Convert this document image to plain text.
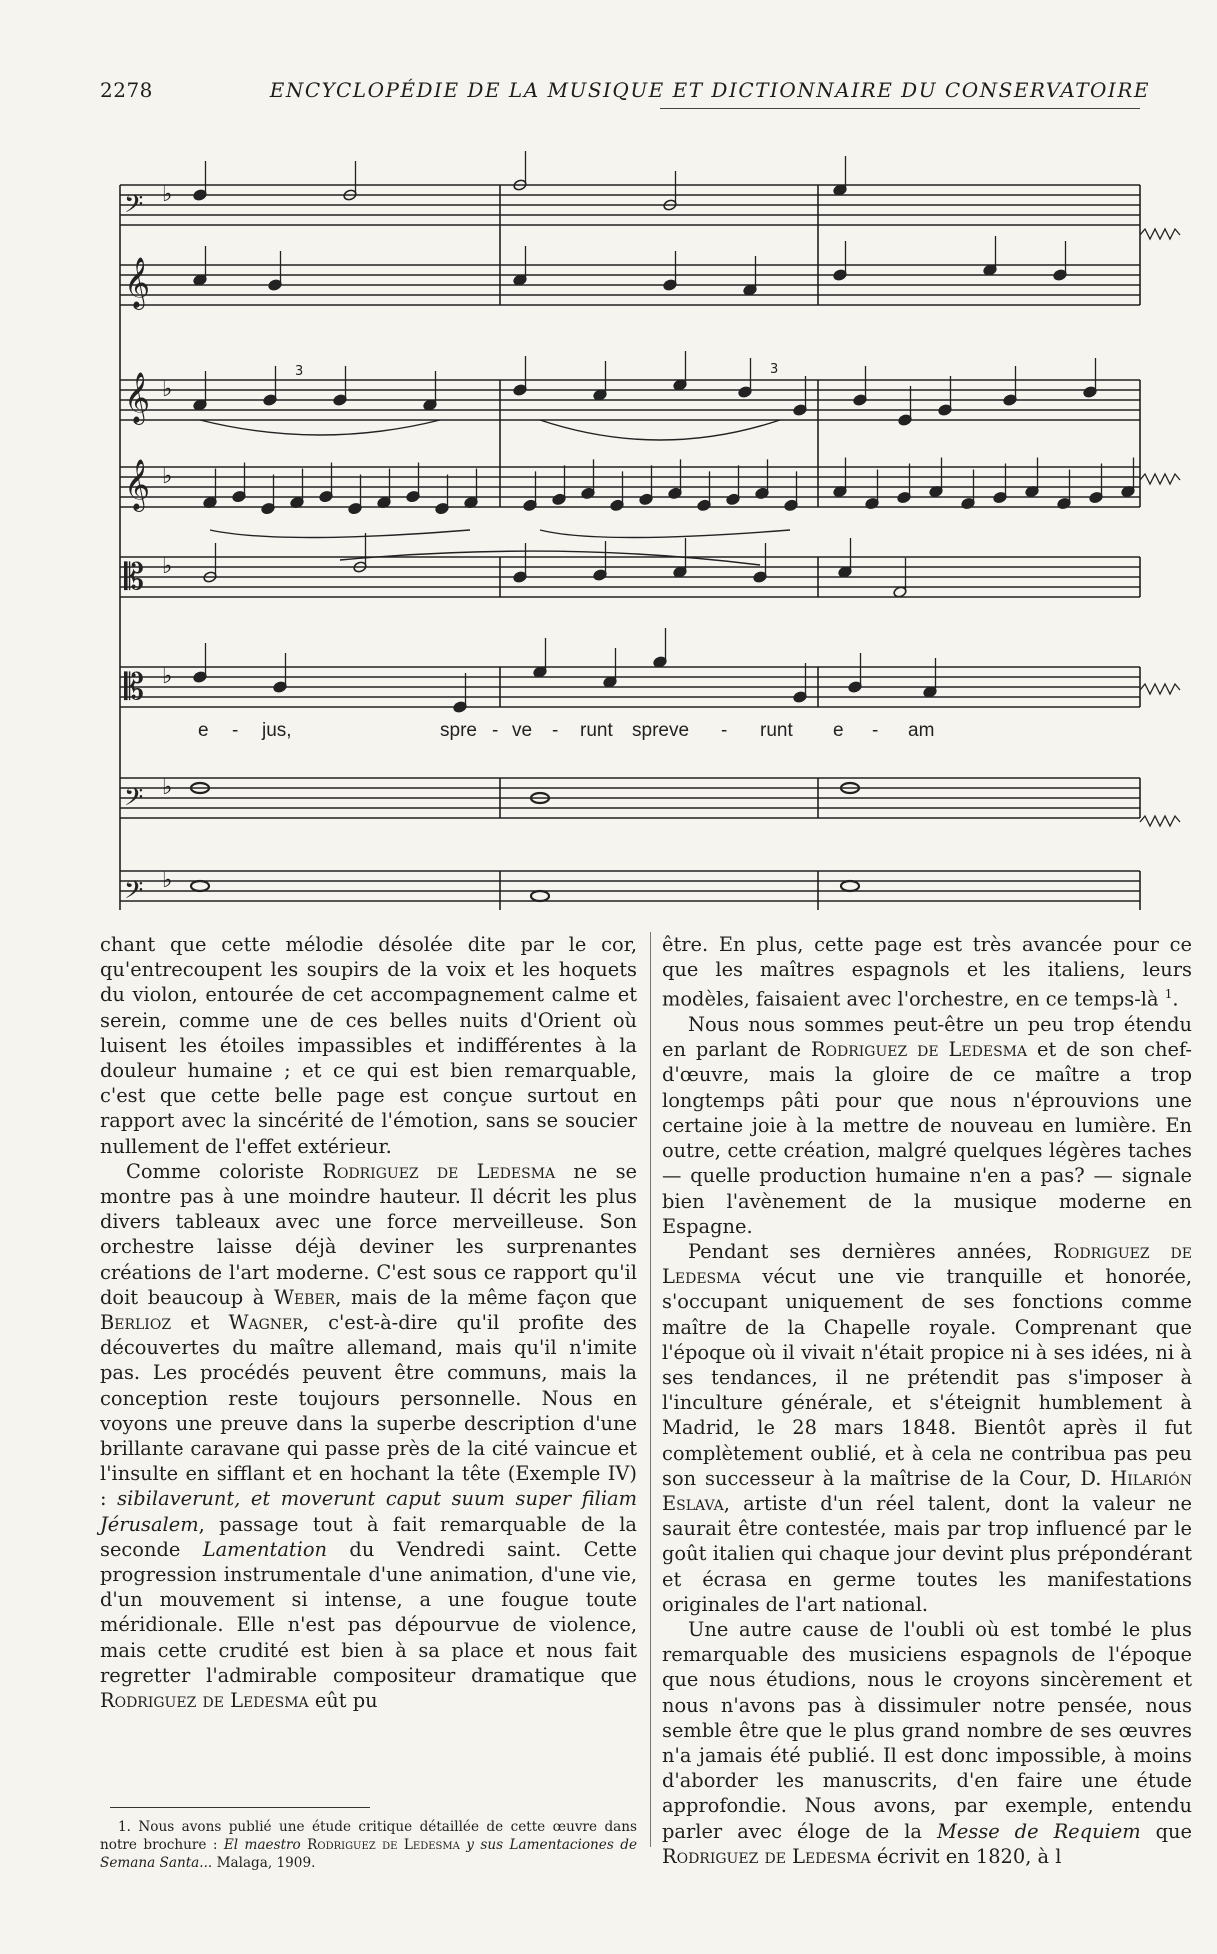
2278	ENCYCLOPÉDIE DE LA MUSIQUE ET DICTIONNAIRE DU CONSERVATOIRE
𝄢 ♭
𝄞
𝄞 ♭
𝄞 ♭
𝄡 ♭
𝄡 ♭
𝄢 ♭
𝄢 ♭
3	3
e - jus,	spre - ve - runt spreve - runt e - am

chant que cette mélodie désolée dite par le cor, qu'entrecoupent les soupirs de la voix et les hoquets du violon, entourée de cet accompagnement calme et serein, comme une de ces belles nuits d'Orient où luisent les étoiles impassibles et indifférentes à la douleur humaine ; et ce qui est bien remarquable, c'est que cette belle page est conçue surtout en rapport avec la sincérité de l'émotion, sans se soucier nullement de l'effet extérieur.

Comme coloriste Rodriguez de Ledesma ne se montre pas à une moindre hauteur. Il décrit les plus divers tableaux avec une force merveilleuse. Son orchestre laisse déjà deviner les surprenantes créations de l'art moderne. C'est sous ce rapport qu'il doit beaucoup à Weber, mais de la même façon que Berlioz et Wagner, c'est-à-dire qu'il profite des découvertes du maître allemand, mais qu'il n'imite pas. Les procédés peuvent être communs, mais la conception reste toujours personnelle. Nous en voyons une preuve dans la superbe description d'une brillante caravane qui passe près de la cité vaincue et l'insulte en sifflant et en hochant la tête (Exemple IV) : sibilaverunt, et moverunt caput suum super filiam Jérusalem, passage tout à fait remarquable de la seconde Lamentation du Vendredi saint. Cette progression instrumentale d'une animation, d'une vie, d'un mouvement si intense, a une fougue toute méridionale. Elle n'est pas dépourvue de violence, mais cette crudité est bien à sa place et nous fait regretter l'admirable compositeur dramatique que Rodriguez de Ledesma eût pu

être. En plus, cette page est très avancée pour ce que les maîtres espagnols et les italiens, leurs modèles, faisaient avec l'orchestre, en ce temps-là $^1$.

Nous nous sommes peut-être un peu trop étendu en parlant de Rodriguez de Ledesma et de son chef-d'œuvre, mais la gloire de ce maître a trop longtemps pâti pour que nous n'éprouvions une certaine joie à la mettre de nouveau en lumière. En outre, cette création, malgré quelques légères taches — quelle production humaine n'en a pas? — signale bien l'avènement de la musique moderne en Espagne.

Pendant ses dernières années, Rodriguez de Ledesma vécut une vie tranquille et honorée, s'occupant uniquement de ses fonctions comme maître de la Chapelle royale. Comprenant que l'époque où il vivait n'était propice ni à ses idées, ni à ses tendances, il ne prétendit pas s'imposer à l'inculture générale, et s'éteignit humblement à Madrid, le 28 mars 1848. Bientôt après il fut complètement oublié, et à cela ne contribua pas peu son successeur à la maîtrise de la Cour, D. Hilarión Eslava, artiste d'un réel talent, dont la valeur ne saurait être contestée, mais par trop influencé par le goût italien qui chaque jour devint plus prépondérant et écrasa en germe toutes les manifestations originales de l'art national.

Une autre cause de l'oubli où est tombé le plus remarquable des musiciens espagnols de l'époque que nous étudions, nous le croyons sincèrement et nous n'avons pas à dissimuler notre pensée, nous semble être que le plus grand nombre de ses œuvres n'a jamais été publié. Il est donc impossible, à moins d'aborder les manuscrits, d'en faire une étude approfondie. Nous avons, par exemple, entendu parler avec éloge de la Messe de Requiem que Rodriguez de Ledesma écrivit en 1820, à l

1. Nous avons publié une étude critique détaillée de cette œuvre dans notre brochure : El maestro Rodriguez de Ledesma y sus Lamentaciones de Semana Santa... Malaga, 1909.
